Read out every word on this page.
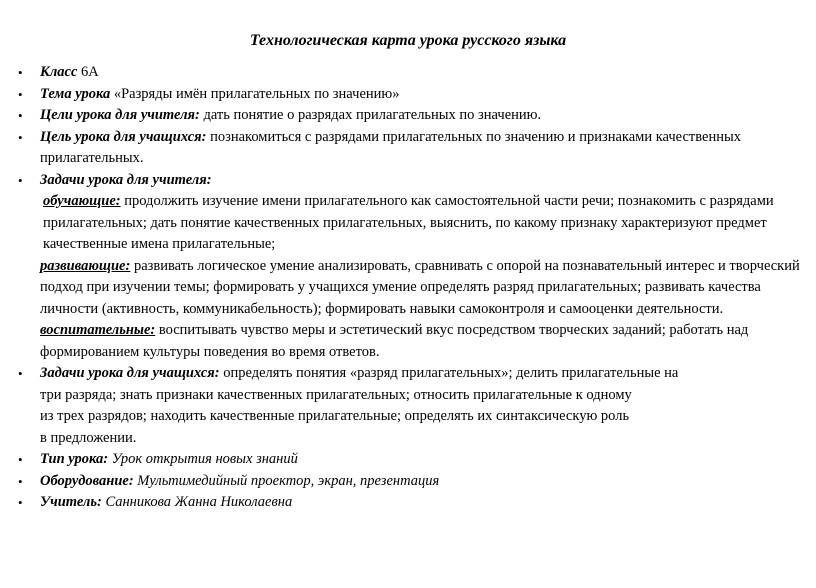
Технологическая карта урока русского языка
• Класс 6А
• Тема урока «Разряды имён прилагательных по значению»
• Цели урока для учителя: дать понятие о разрядах прилагательных по значению.
• Цель урока для учащихся: познакомиться с разрядами прилагательных по значению и признаками качественных прилагательных.
• Задачи урока для учителя:
обучающие: продолжить изучение имени прилагательного как самостоятельной части речи; познакомить с разрядами прилагательных; дать понятие качественных прилагательных, выяснить, по какому признаку характеризуют предмет качественные имена прилагательные;
развивающие: развивать логическое умение анализировать, сравнивать с опорой на познавательный интерес и творческий подход при изучении темы; формировать у учащихся умение определять разряд прилагательных; развивать качества личности (активность, коммуникабельность); формировать навыки самоконтроля и самооценки деятельности.
воспитательные: воспитывать чувство меры и эстетический вкус посредством творческих заданий; работать над формированием культуры поведения во время ответов.
• Задачи урока для учащихся: определять понятия «разряд прилагательных»; делить прилагательные на
три разряда; знать признаки качественных прилагательных; относить прилагательные к одному
из трех разрядов; находить качественные прилагательные; определять их синтаксическую роль
в предложении.
• Тип урока: Урок открытия новых знаний
• Оборудование: Мультимедийный проектор, экран, презентация
• Учитель: Санникова Жанна Николаевна
